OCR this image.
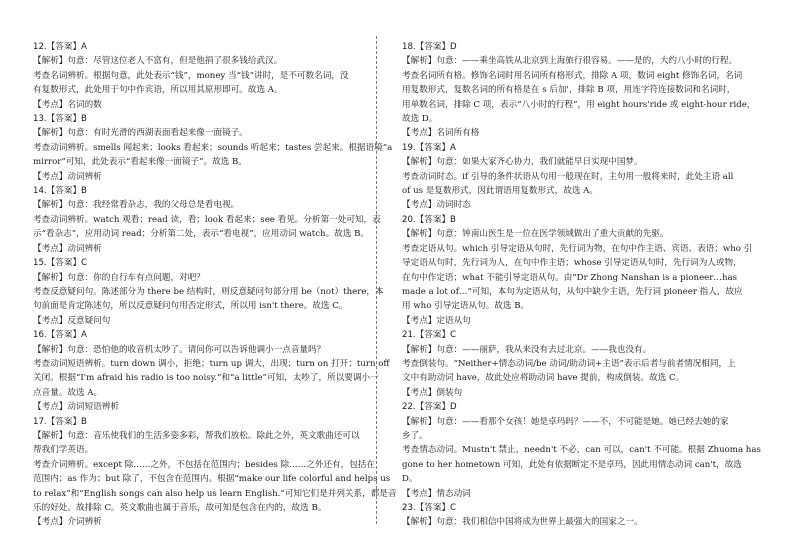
12.【答案】A
【解析】句意：尽管这位老人不富有，但是他捐了很多钱给武汉。
考查名词辨析。根据句意，此处表示“钱”，money 当“钱”讲时，是不可数名词，没
有复数形式，此处用于句中作宾语，所以用其原形即可。故选 A。
【考点】名词的数
13.【答案】B
【解析】句意：有时光滑的西湖表面看起来像一面镜子。
考查动词辨析。smells 闻起来；looks 看起来；sounds 听起来；tastes 尝起来。根据语境“a
mirror”可知，此处表示“看起来像一面镜子”。故选 B。
【考点】动词辨析
14.【答案】B
【解析】句意：我经常看杂志，我的父母总是看电视。
考查动词辨析。watch 观看；read 读，看；look 看起来；see 看见。分析第一处可知，表
示“看杂志”，应用动词 read；分析第二处，表示“看电视”，应用动词 watch。故选 B。
【考点】动词辨析
15.【答案】C
【解析】句意：你的自行车有点问题，对吧？
考查反意疑问句。陈述部分为 there be 结构时，则反意疑问句部分用 be（not）there，本
句前面是肯定陈述句，所以反意疑问句用否定形式，所以用 isn't there。故选 C。
【考点】反意疑问句
16.【答案】A
【解析】句意：恐怕他的收音机太吵了。请问你可以告诉他调小一点音量吗？
考查动词短语辨析。turn down 调小，拒绝；turn up 调大，出现；turn on 打开；turn off
关闭。根据“I'm afraid his radio is too noisy.”和“a little”可知，太吵了，所以要调小一
点音量。故选 A。
【考点】动词短语辨析
17.【答案】B
【解析】句意：音乐使我们的生活多姿多彩，帮我们放松。除此之外，英文歌曲还可以
帮我们学英语。
考查介词辨析。except 除……之外，不包括在范围内；besides 除……之外还有，包括在
范围内；as 作为；but 除了，不包含在范围内。根据“make our life colorful and helps us
to relax”和“English songs can also help us learn English.”可知它们是并列关系，都是音
乐的好处。故排除 C。英文歌曲也属于音乐，故可知是包含在内的，故选 B。
【考点】介词辨析
18.【答案】D
【解析】句意：——乘坐高铁从北京到上海旅行很容易。——是的，大约八小时的行程。
考查名词所有格。修饰名词时用名词所有格形式，排除 A 项，数词 eight 修饰名词，名词
用复数形式，复数名词的所有格是在 s 后加'，排除 B 项，用连字符连接数词和名词时，
用单数名词，排除 C 项，表示“八小时的行程”，用 eight hours'ride 或 eight-hour ride，
故选 D。
【考点】名词所有格
19.【答案】A
【解析】句意：如果大家齐心协力，我们就能早日实现中国梦。
考查动词时态。if 引导的条件状语从句用一般现在时，主句用一般将来时，此处主语 all
of us 是复数形式，因此谓语用复数形式，故选 A。
【考点】动词时态
20.【答案】B
【解析】句意：钟南山医生是一位在医学领域做出了重大贡献的先驱。
考查定语从句。which 引导定语从句时，先行词为物，在句中作主语、宾语、表语；who 引
导定语从句时，先行词为人，在句中作主语；whose 引导定语从句时，先行词为人或物，
在句中作定语；what 不能引导定语从句。由“Dr Zhong Nanshan is a pioneer…has
made a lot of…”可知，本句为定语从句，从句中缺少主语，先行词 pioneer 指人，故应
用 who 引导定语从句。故选 B。
【考点】定语从句
21.【答案】C
【解析】句意：——丽萨，我从来没有去过北京。——我也没有。
考查倒装句。“Neither+情态动词/be 动词/助动词+主语”表示后者与前者情况相同，上
文中有助动词 have，故此处应将助动词 have 提前，构成倒装。故选 C。
【考点】倒装句
22.【答案】D
【解析】句意：——看那个女孩！她是卓玛吗？——不，不可能是她。她已经去她的家
乡了。
考查情态动词。Mustn't 禁止，needn't 不必，can 可以，can't 不可能。根据 Zhuoma has
gone to her hometown 可知，此处有依据断定不是卓玛，因此用情态动词 can't，故选
D。
【考点】情态动词
23.【答案】C
【解析】句意：我们相信中国将成为世界上最强大的国家之一。
